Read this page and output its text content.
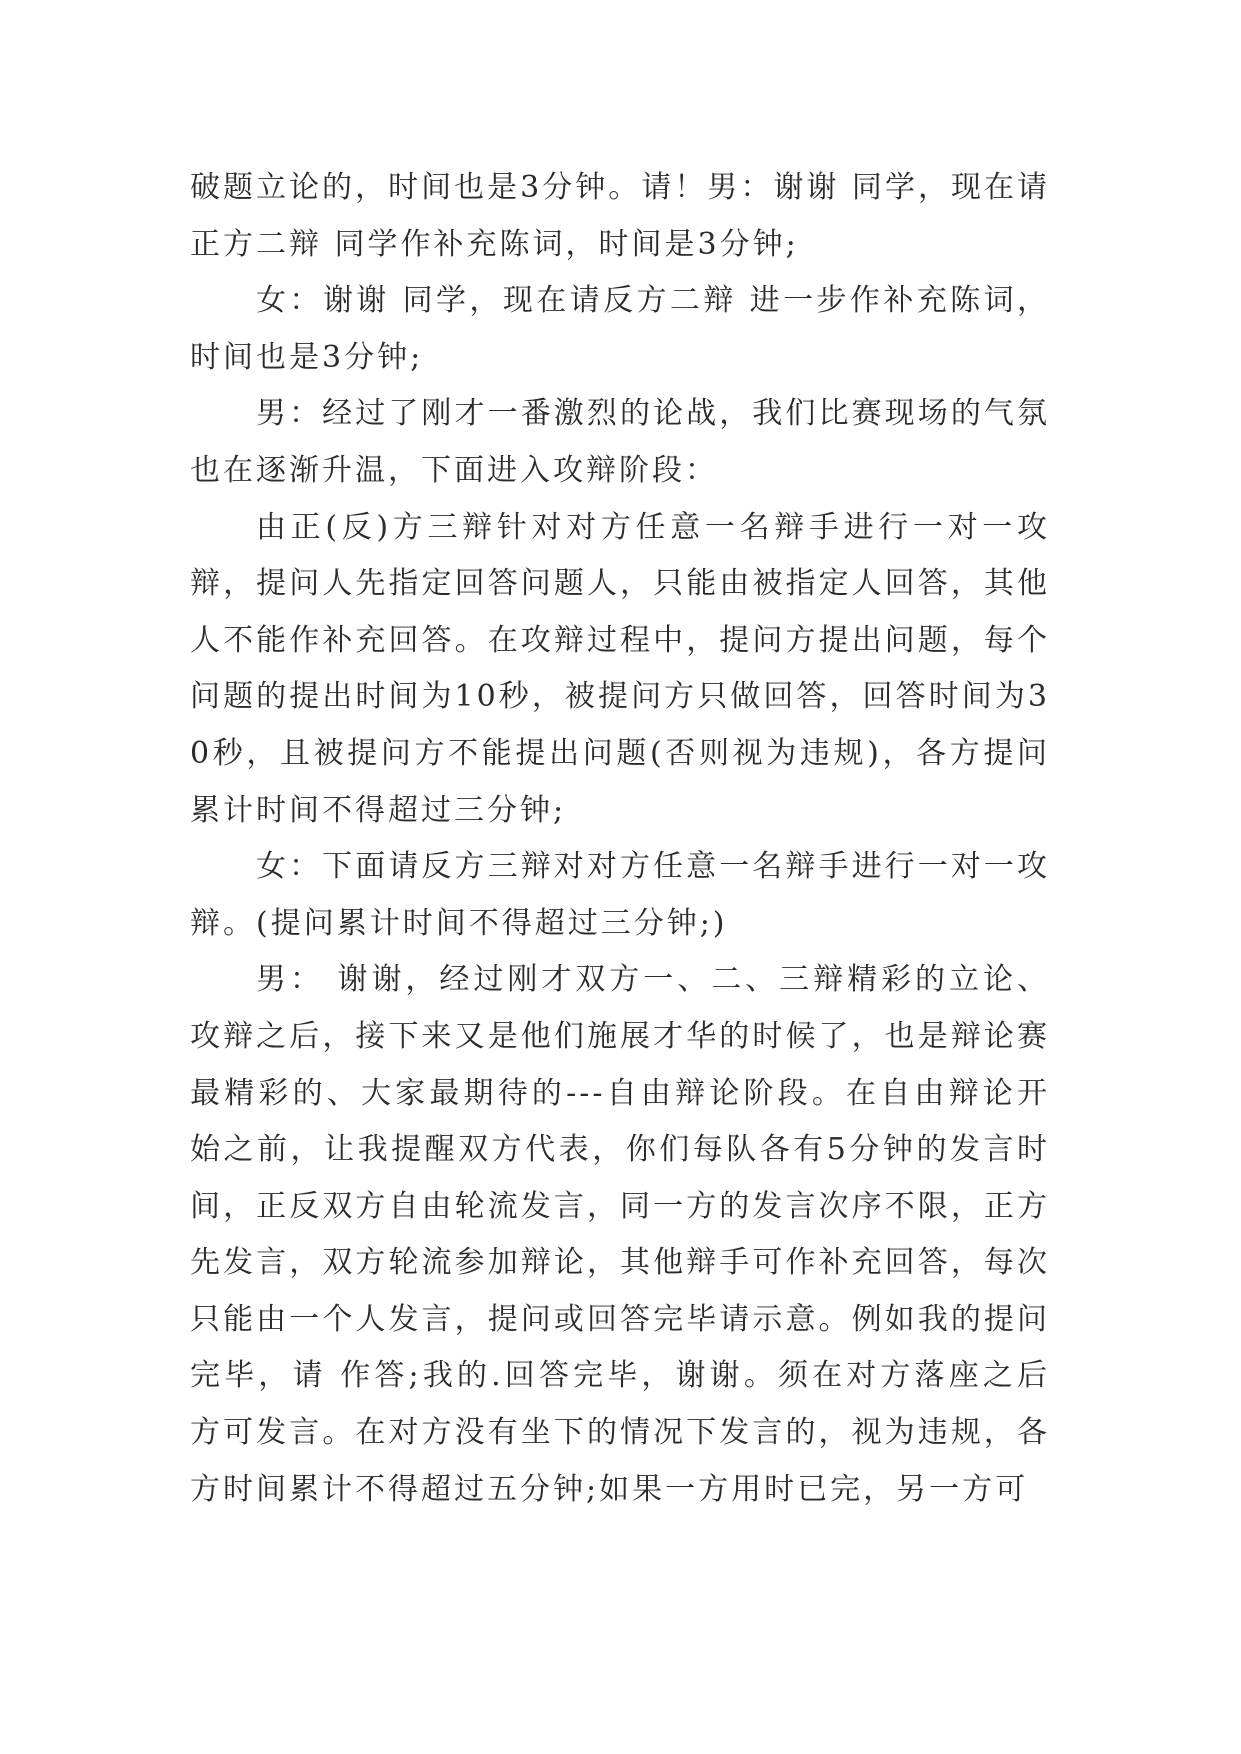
破题立论的，时间也是3分钟。请！男：谢谢 同学，现在请正方二辩 同学作补充陈词，时间是3分钟;

女：谢谢 同学，现在请反方二辩 进一步作补充陈词，时间也是3分钟;

男：经过了刚才一番激烈的论战，我们比赛现场的气氛也在逐渐升温，下面进入攻辩阶段：

由正(反)方三辩针对对方任意一名辩手进行一对一攻辩，提问人先指定回答问题人，只能由被指定人回答，其他人不能作补充回答。在攻辩过程中，提问方提出问题，每个问题的提出时间为10秒，被提问方只做回答，回答时间为30秒，且被提问方不能提出问题(否则视为违规)，各方提问累计时间不得超过三分钟;

女：下面请反方三辩对对方任意一名辩手进行一对一攻辩。(提问累计时间不得超过三分钟;)

男： 谢谢，经过刚才双方一、二、三辩精彩的立论、攻辩之后，接下来又是他们施展才华的时候了，也是辩论赛最精彩的、大家最期待的---自由辩论阶段。在自由辩论开始之前，让我提醒双方代表，你们每队各有5分钟的发言时间，正反双方自由轮流发言，同一方的发言次序不限，正方先发言，双方轮流参加辩论，其他辩手可作补充回答，每次只能由一个人发言，提问或回答完毕请示意。例如我的提问完毕，请 作答;我的.回答完毕，谢谢。须在对方落座之后方可发言。在对方没有坐下的情况下发言的，视为违规，各方时间累计不得超过五分钟;如果一方用时已完，另一方可
